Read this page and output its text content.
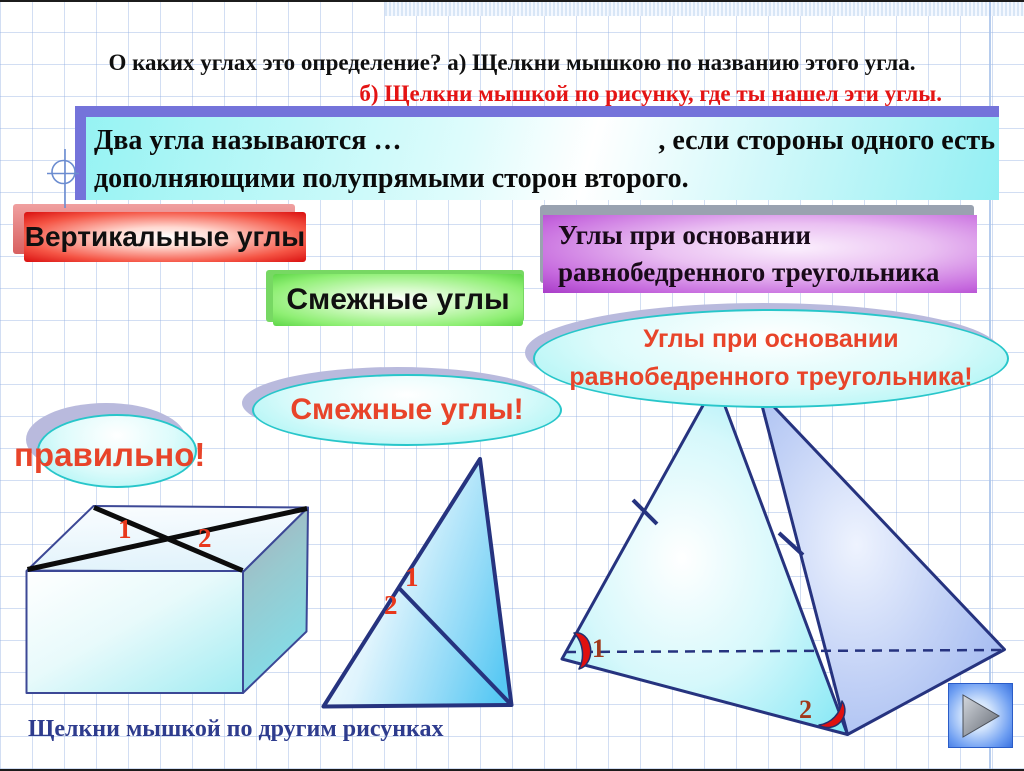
О каких углах это определение? а) Щелкни мышкою по названию этого угла.
б) Щелкни мышкой по рисунку, где ты нашел эти углы.
Два угла называются …	, если стороны одного есть
дополняющими полупрямыми сторон второго.
Вертикальные углы
Смежные углы
Углы при основании равнобедренного треугольника
Углы при основании
равнобедренного треугольника!
Смежные углы!
правильно!
1 2
1
2
1
2
Щелкни мышкой по другим рисунках
